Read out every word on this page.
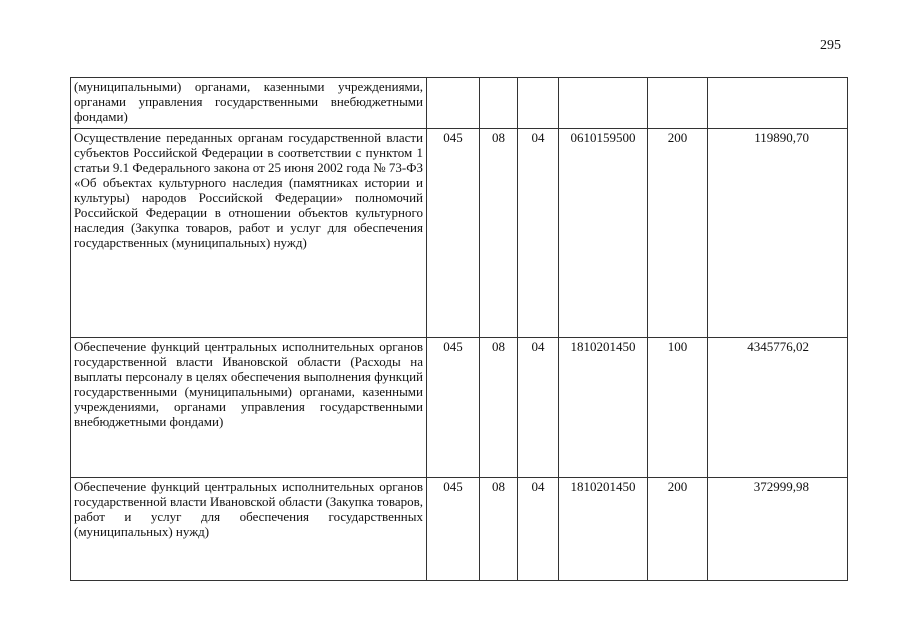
295
(муниципальными) органами, казенными учреждениями, органами управления государственными внебюджетными фондами)						
Осуществление переданных органам государственной власти субъектов Российской Федерации в соответствии с пунктом 1 статьи 9.1 Федерального закона от 25 июня 2002 года № 73-ФЗ «Об объектах культурного наследия (памятниках истории и культуры) народов Российской Федерации» полномочий Российской Федерации в отношении объектов культурного наследия (Закупка товаров, работ и услуг для обеспечения государственных (муниципальных) нужд)	045	08	04	0610159500	200	119890,70
Обеспечение функций центральных исполнительных органов государственной власти Ивановской области (Расходы на выплаты персоналу в целях обеспечения выполнения функций государственными (муниципальными) органами, казенными учреждениями, органами управления государственными внебюджетными фондами)	045	08	04	1810201450	100	4345776,02
Обеспечение функций центральных исполнительных органов государственной власти Ивановской области (Закупка товаров, работ и услуг для обеспечения государственных (муниципальных) нужд)	045	08	04	1810201450	200	372999,98
